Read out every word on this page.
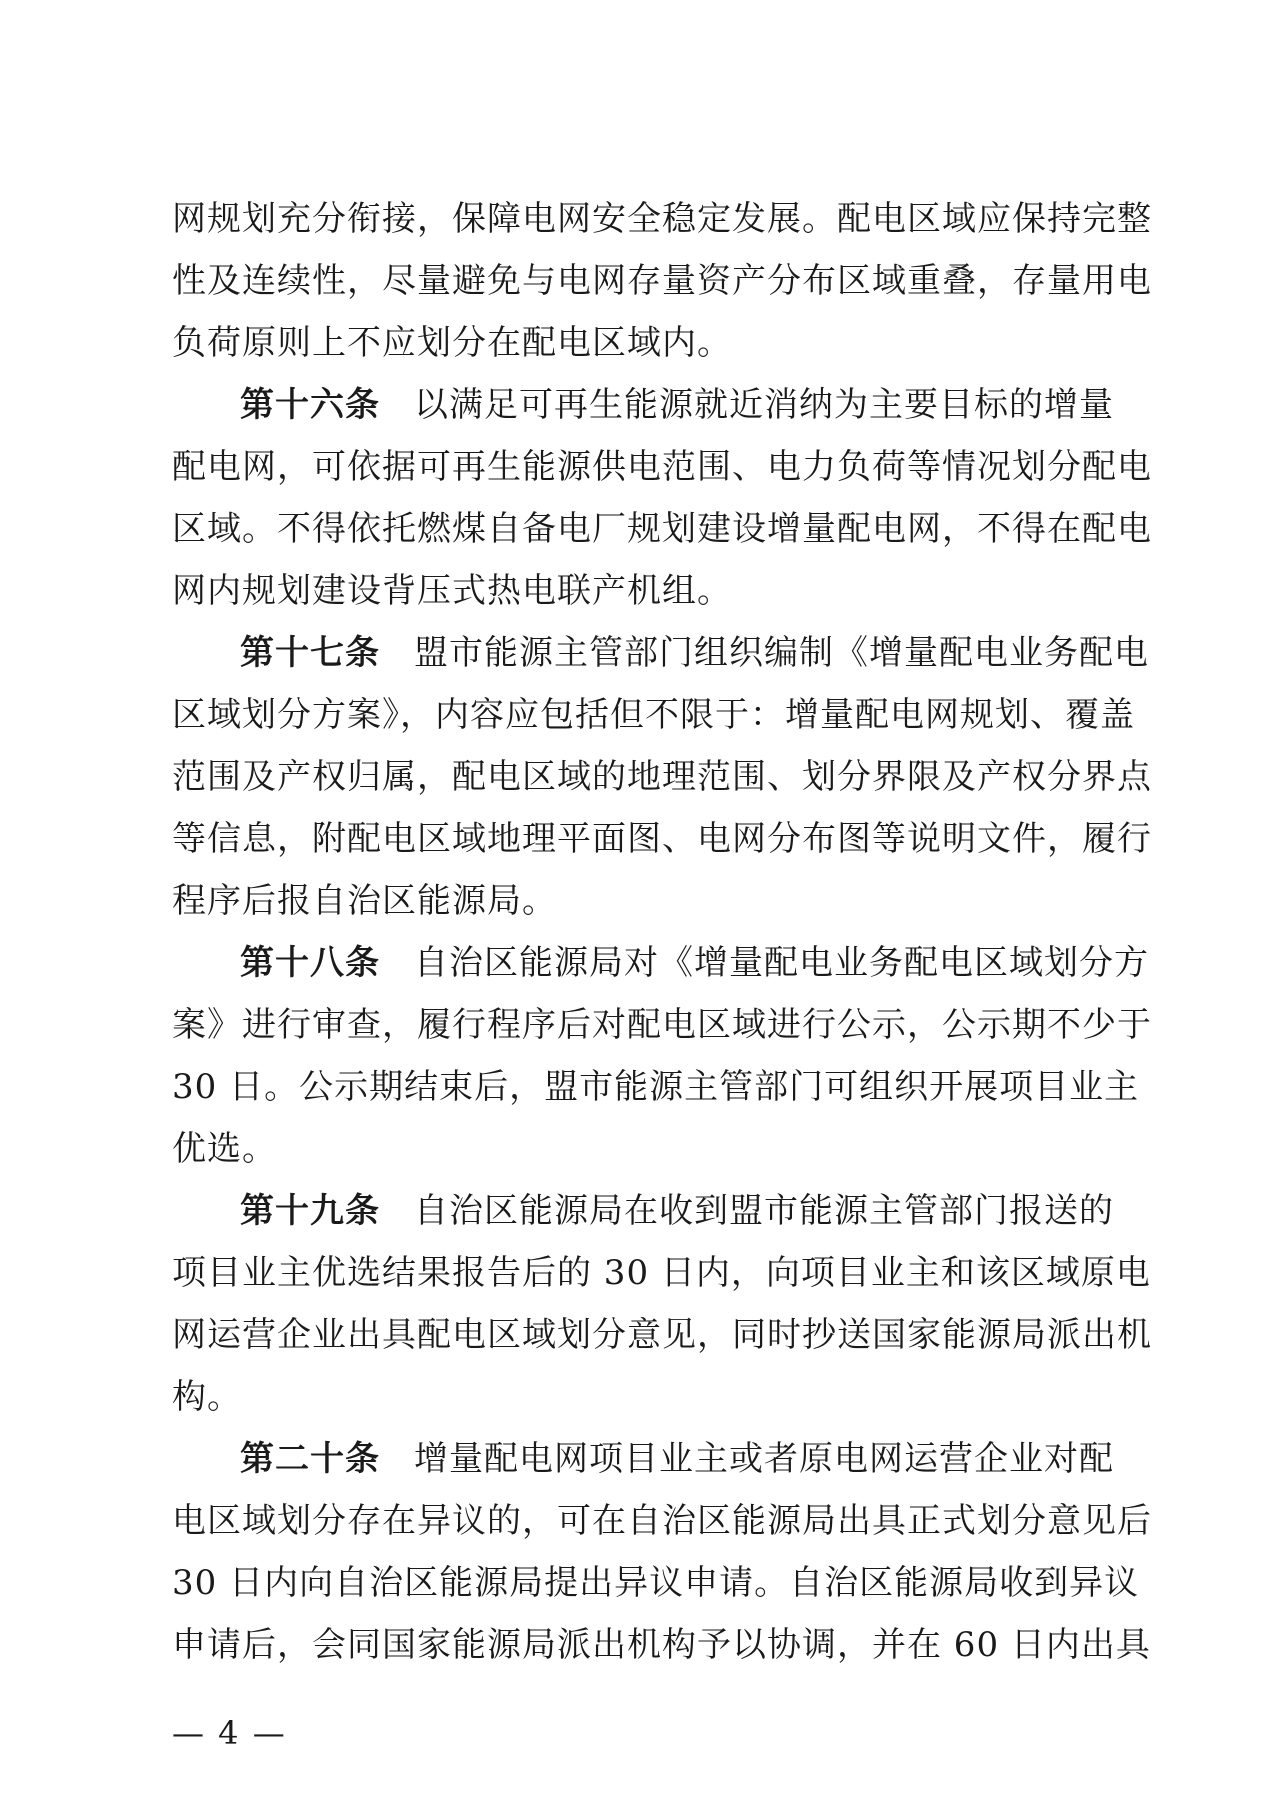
网规划充分衔接，保障电网安全稳定发展。配电区域应保持完整
性及连续性，尽量避免与电网存量资产分布区域重叠，存量用电
负荷原则上不应划分在配电区域内。
第十六条 以满足可再生能源就近消纳为主要目标的增量
配电网，可依据可再生能源供电范围、电力负荷等情况划分配电
区域。不得依托燃煤自备电厂规划建设增量配电网，不得在配电
网内规划建设背压式热电联产机组。
第十七条 盟市能源主管部门组织编制《增量配电业务配电
区域划分方案》，内容应包括但不限于：增量配电网规划、覆盖
范围及产权归属，配电区域的地理范围、划分界限及产权分界点
等信息，附配电区域地理平面图、电网分布图等说明文件，履行
程序后报自治区能源局。
第十八条 自治区能源局对《增量配电业务配电区域划分方
案》进行审查，履行程序后对配电区域进行公示，公示期不少于
30 日。公示期结束后，盟市能源主管部门可组织开展项目业主
优选。
第十九条 自治区能源局在收到盟市能源主管部门报送的
项目业主优选结果报告后的 30 日内，向项目业主和该区域原电
网运营企业出具配电区域划分意见，同时抄送国家能源局派出机
构。
第二十条 增量配电网项目业主或者原电网运营企业对配
电区域划分存在异议的，可在自治区能源局出具正式划分意见后
30 日内向自治区能源局提出异议申请。自治区能源局收到异议
申请后，会同国家能源局派出机构予以协调，并在 60 日内出具
— 4 —
